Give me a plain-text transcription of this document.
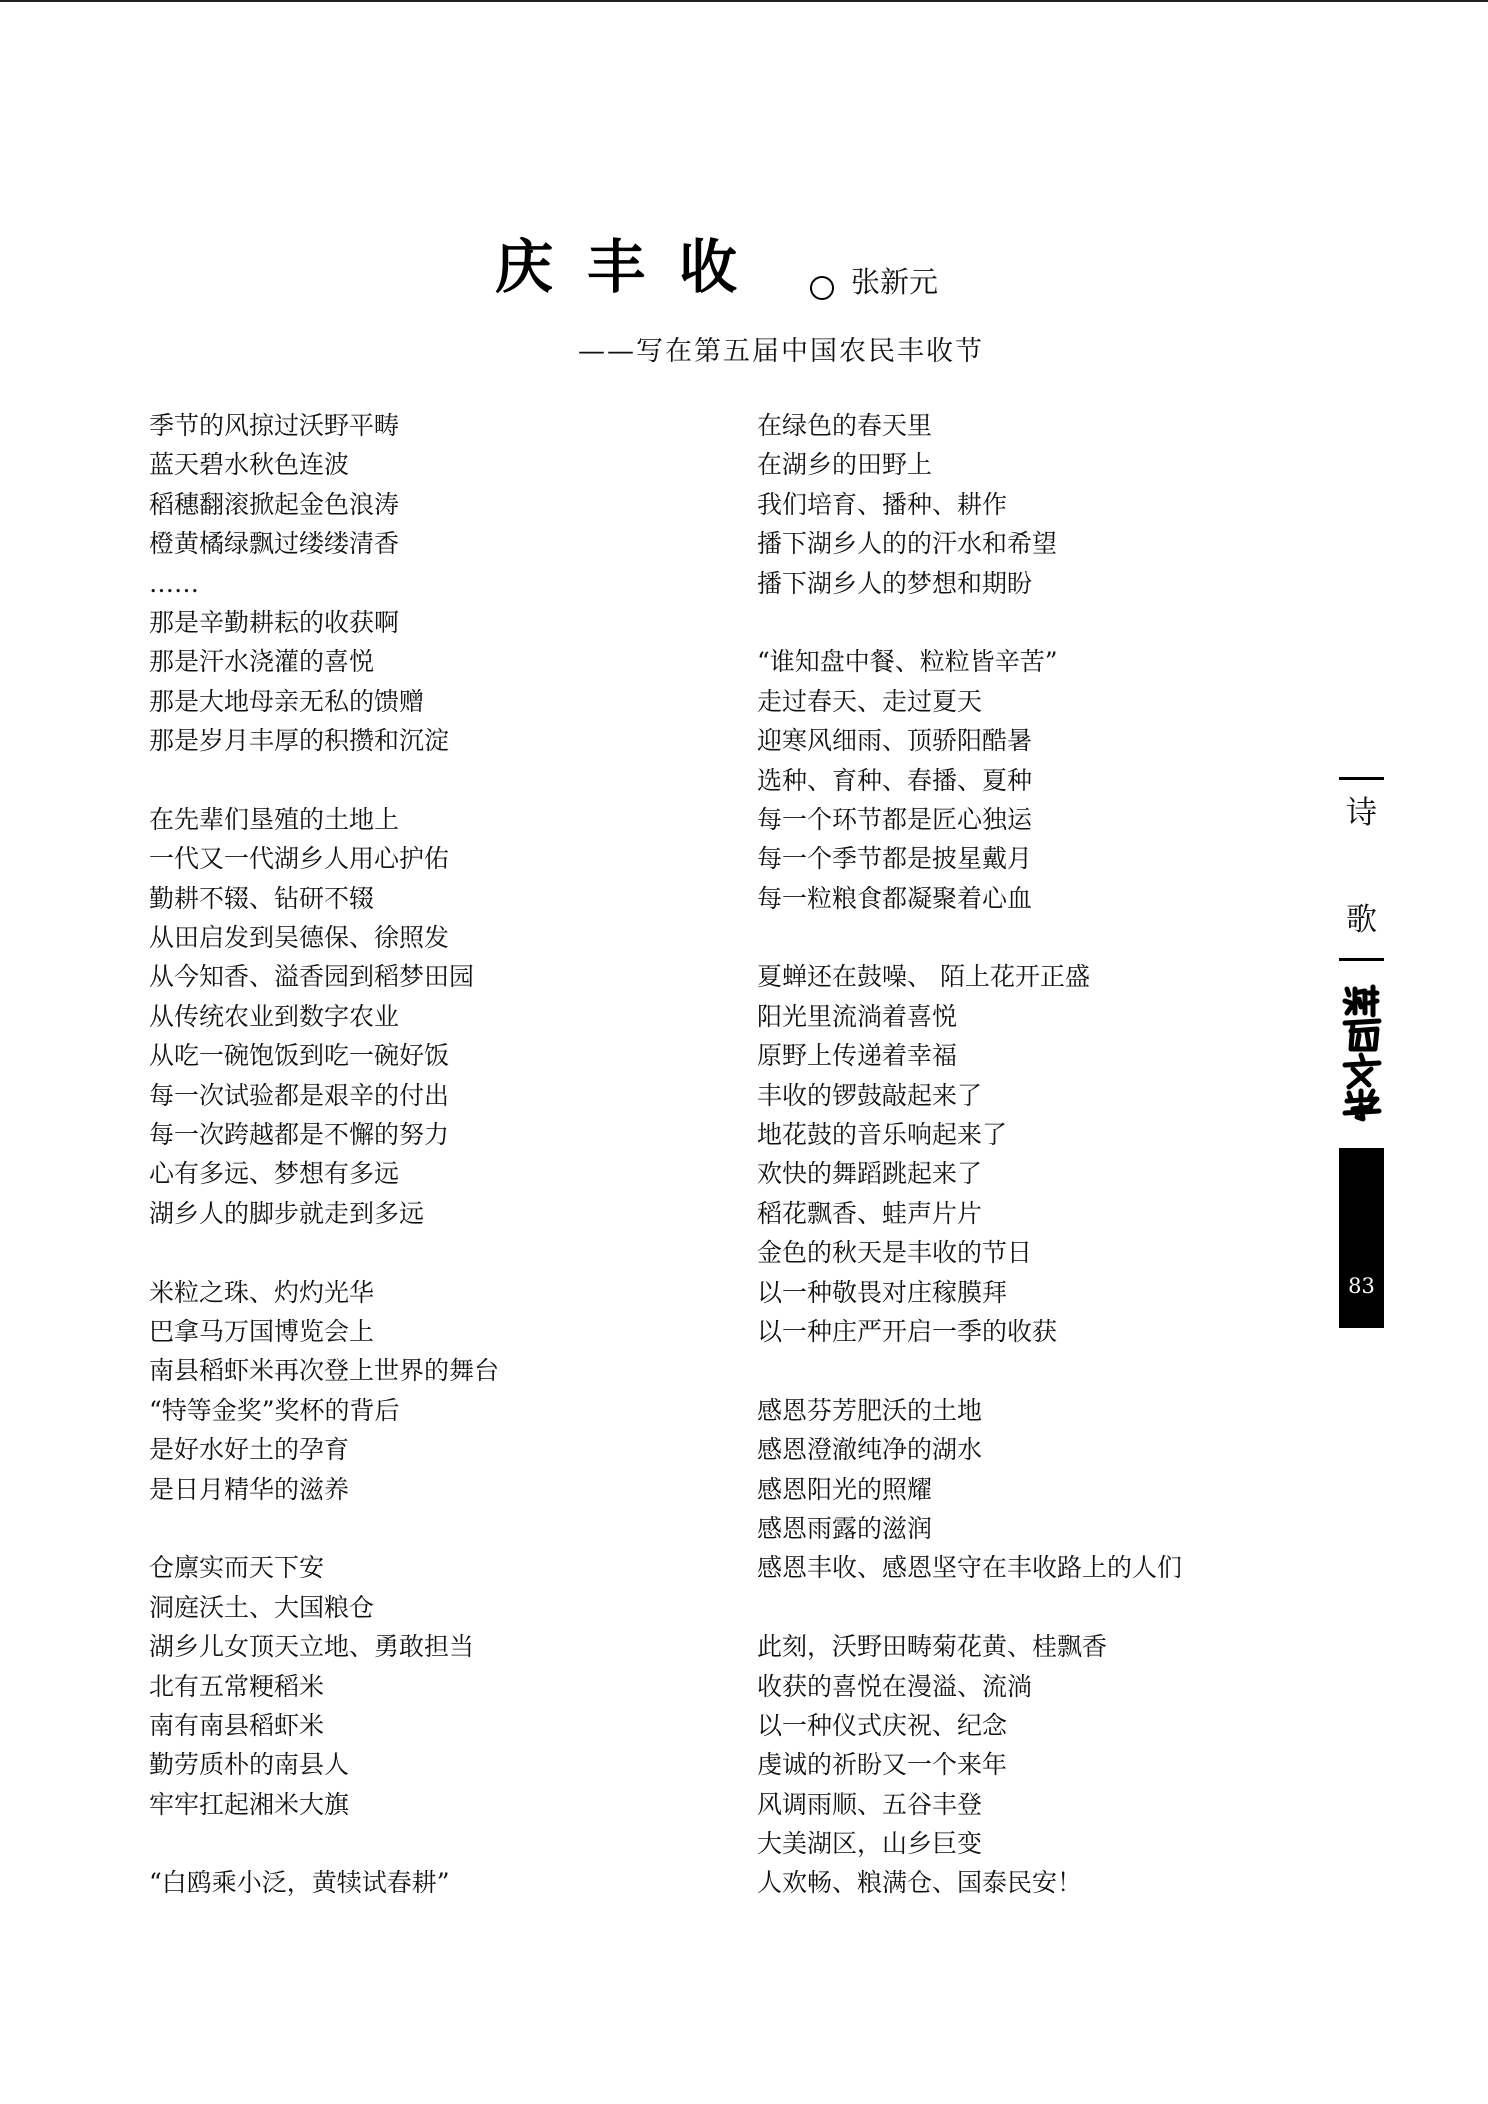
庆丰收	张新元
——写在第五届中国农民丰收节
季节的风掠过沃野平畴
蓝天碧水秋色连波
稻穗翻滚掀起金色浪涛
橙黄橘绿飘过缕缕清香
……
那是辛勤耕耘的收获啊
那是汗水浇灌的喜悦
那是大地母亲无私的馈赠
那是岁月丰厚的积攒和沉淀
在先辈们垦殖的土地上
一代又一代湖乡人用心护佑
勤耕不辍、钻研不辍
从田启发到吴德保、徐照发
从今知香、溢香园到稻梦田园
从传统农业到数字农业
从吃一碗饱饭到吃一碗好饭
每一次试验都是艰辛的付出
每一次跨越都是不懈的努力
心有多远、梦想有多远
湖乡人的脚步就走到多远
米粒之珠、灼灼光华
巴拿马万国博览会上
南县稻虾米再次登上世界的舞台
“特等金奖”奖杯的背后
是好水好土的孕育
是日月精华的滋养
仓廪实而天下安
洞庭沃土、大国粮仓
湖乡儿女顶天立地、勇敢担当
北有五常粳稻米
南有南县稻虾米
勤劳质朴的南县人
牢牢扛起湘米大旗
“白鸥乘小泛，黄犊试春耕”
在绿色的春天里
在湖乡的田野上
我们培育、播种、耕作
播下湖乡人的的汗水和希望
播下湖乡人的梦想和期盼
“谁知盘中餐、粒粒皆辛苦”
走过春天、走过夏天
迎寒风细雨、顶骄阳酷暑
选种、育种、春播、夏种
每一个环节都是匠心独运
每一个季节都是披星戴月
每一粒粮食都凝聚着心血
夏蝉还在鼓噪、 陌上花开正盛
阳光里流淌着喜悦
原野上传递着幸福
丰收的锣鼓敲起来了
地花鼓的音乐响起来了
欢快的舞蹈跳起来了
稻花飘香、蛙声片片
金色的秋天是丰收的节日
以一种敬畏对庄稼膜拜
以一种庄严开启一季的收获
感恩芬芳肥沃的土地
感恩澄澈纯净的湖水
感恩阳光的照耀
感恩雨露的滋润
感恩丰收、感恩坚守在丰收路上的人们
此刻，沃野田畴菊花黄、桂飘香
收获的喜悦在漫溢、流淌
以一种仪式庆祝、纪念
虔诚的祈盼又一个来年
风调雨顺、五谷丰登
大美湖区，山乡巨变
人欢畅、粮满仓、国泰民安！
诗
歌
83
